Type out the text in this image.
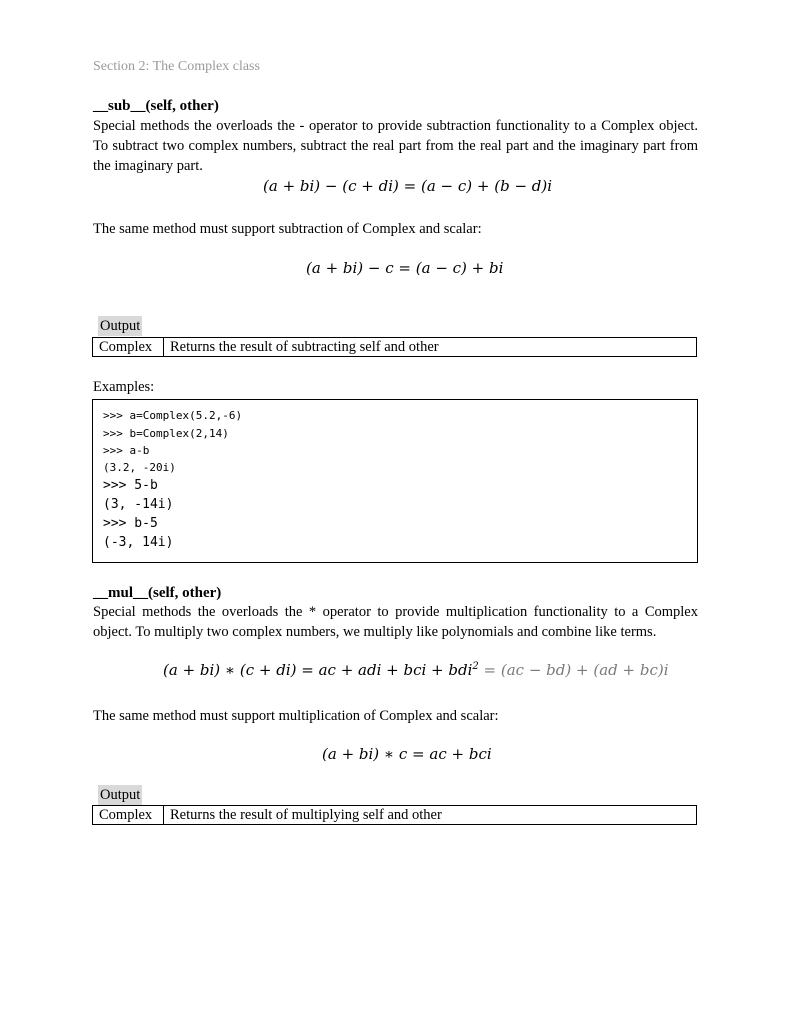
Section 2: The Complex class
__sub__(self, other)
Special methods the overloads the - operator to provide subtraction functionality to a Complex object. To subtract two complex numbers, subtract the real part from the real part and the imaginary part from the imaginary part.
(a + bi) − (c + di) = (a − c) + (b − d)i
The same method must support subtraction of Complex and scalar:
(a + bi) − c = (a − c) + bi
Output
Complex	Returns the result of subtracting self and other
Examples:
>>> a=Complex(5.2,-6)
>>> b=Complex(2,14)
>>> a-b
(3.2, -20i)
>>> 5-b
(3, -14i)
>>> b-5
(-3, 14i)
__mul__(self, other)
Special methods the overloads the * operator to provide multiplication functionality to a Complex object. To multiply two complex numbers, we multiply like polynomials and combine like terms.
(a + bi) ∗ (c + di) = ac + adi + bci + bdi$^2$ = (ac − bd) + (ad + bc)i
The same method must support multiplication of Complex and scalar:
(a + bi) ∗ c = ac + bci
Output
Complex	Returns the result of multiplying self and other
